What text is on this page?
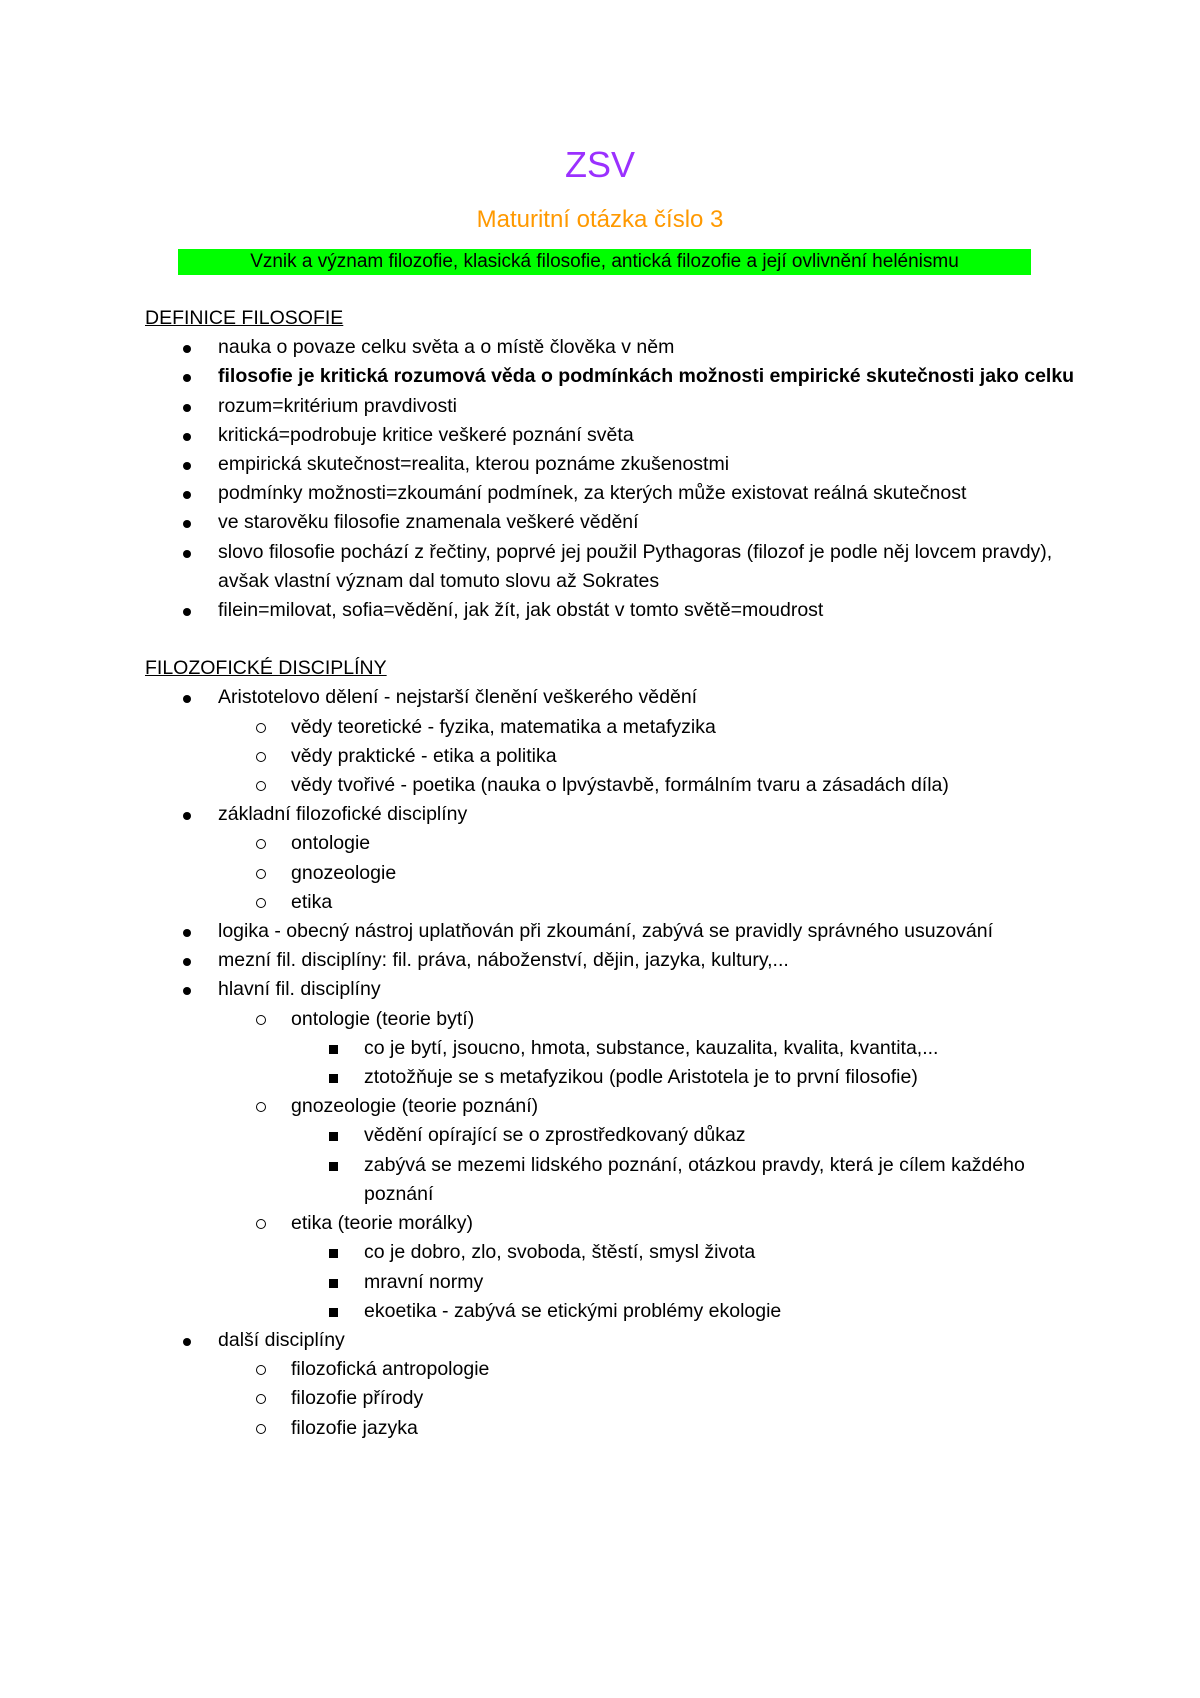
ZSV
Maturitní otázka číslo 3
Vznik a význam filozofie, klasická filosofie, antická filozofie a její ovlivnění helénismu
DEFINICE FILOSOFIE
nauka o povaze celku světa a o místě člověka v něm
filosofie je kritická rozumová věda o podmínkách možnosti empirické skutečnosti jako celku
rozum=kritérium pravdivosti
kritická=podrobuje kritice veškeré poznání světa
empirická skutečnost=realita, kterou poznáme zkušenostmi
podmínky možnosti=zkoumání podmínek, za kterých může existovat reálná skutečnost
ve starověku filosofie znamenala veškeré vědění
slovo filosofie pochází z řečtiny, poprvé jej použil Pythagoras (filozof je podle něj lovcem pravdy), avšak vlastní význam dal tomuto slovu až Sokrates
filein=milovat, sofia=vědění, jak žít, jak obstát v tomto světě=moudrost
FILOZOFICKÉ DISCIPLÍNY
Aristotelovo dělení - nejstarší členění veškerého vědění
vědy teoretické - fyzika, matematika a metafyzika
vědy praktické - etika a politika
vědy tvořivé - poetika (nauka o lpvýstavbě, formálním tvaru a zásadách díla)
základní filozofické disciplíny
ontologie
gnozeologie
etika
logika - obecný nástroj uplatňován při zkoumání, zabývá se pravidly správného usuzování
mezní fil. disciplíny: fil. práva, náboženství, dějin, jazyka, kultury,...
hlavní fil. disciplíny
ontologie (teorie bytí)
co je bytí, jsoucno, hmota, substance, kauzalita, kvalita, kvantita,...
ztotožňuje se s metafyzikou (podle Aristotela je to první filosofie)
gnozeologie (teorie poznání)
vědění opírající se o zprostředkovaný důkaz
zabývá se mezemi lidského poznání, otázkou pravdy, která je cílem každého poznání
etika (teorie morálky)
co je dobro, zlo, svoboda, štěstí, smysl života
mravní normy
ekoetika - zabývá se etickými problémy ekologie
další disciplíny
filozofická antropologie
filozofie přírody
filozofie jazyka
